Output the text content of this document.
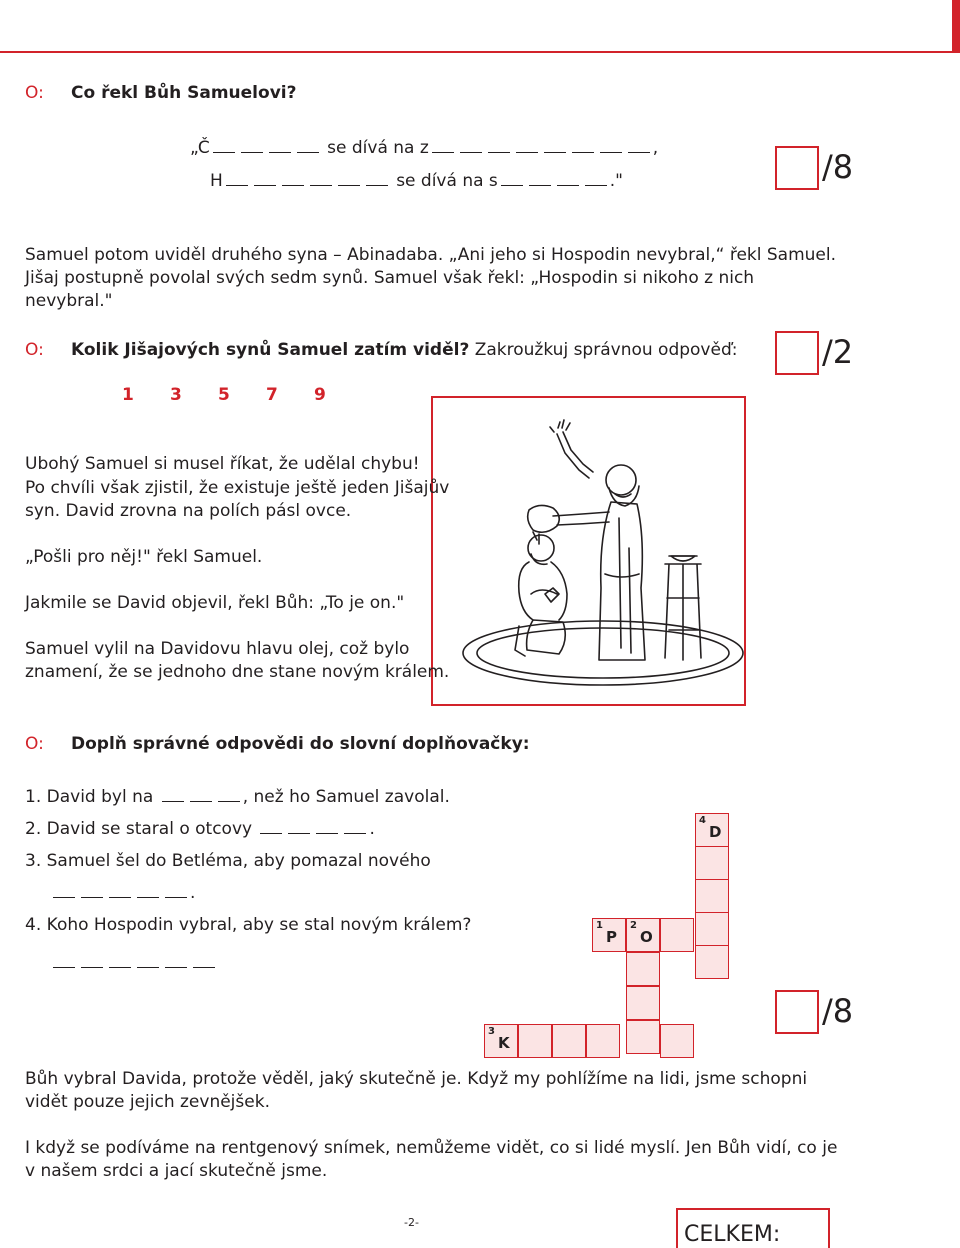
O: Co řekl Bůh Samuelovi?
„Č	se dívá na z	,
H	se dívá na s	."	/8
Samuel potom uviděl druhého syna – Abinadaba. „Ani jeho si Hospodin nevybral,“ řekl Samuel.
Jišaj postupně povolal svých sedm synů. Samuel však řekl: „Hospodin si nikoho z nich
nevybral."
O: Kolik Jišajových synů Samuel zatím viděl? Zakroužkuj správnou odpověď:
1 3 5 7 9
/2
Ubohý Samuel si musel říkat, že udělal chybu!
Po chvíli však zjistil, že existuje ještě jeden Jišajův
syn. David zrovna na polích pásl ovce.
„Pošli pro něj!" řekl Samuel.
Jakmile se David objevil, řekl Bůh: „To je on."
Samuel vylil na Davidovu hlavu olej, což bylo
znamení, že se jednoho dne stane novým králem.
O: Doplň správné odpovědi do slovní doplňovačky:
1. David byl na	, než ho Samuel zavolal.
2. David se staral o otcovy	.
3. Samuel šel do Betléma, aby pomazal nového
.
4. Koho Hospodin vybral, aby se stal novým králem?
4
D
1
P
2
O
3
K
/8
Bůh vybral Davida, protože věděl, jaký skutečně je. Když my pohlížíme na lidi, jsme schopni
vidět pouze jejich zevnějšek.
I když se podíváme na rentgenový snímek, nemůžeme vidět, co si lidé myslí. Jen Bůh vidí, co je
v našem srdci a jací skutečně jsme.
-2-	CELKEM:
